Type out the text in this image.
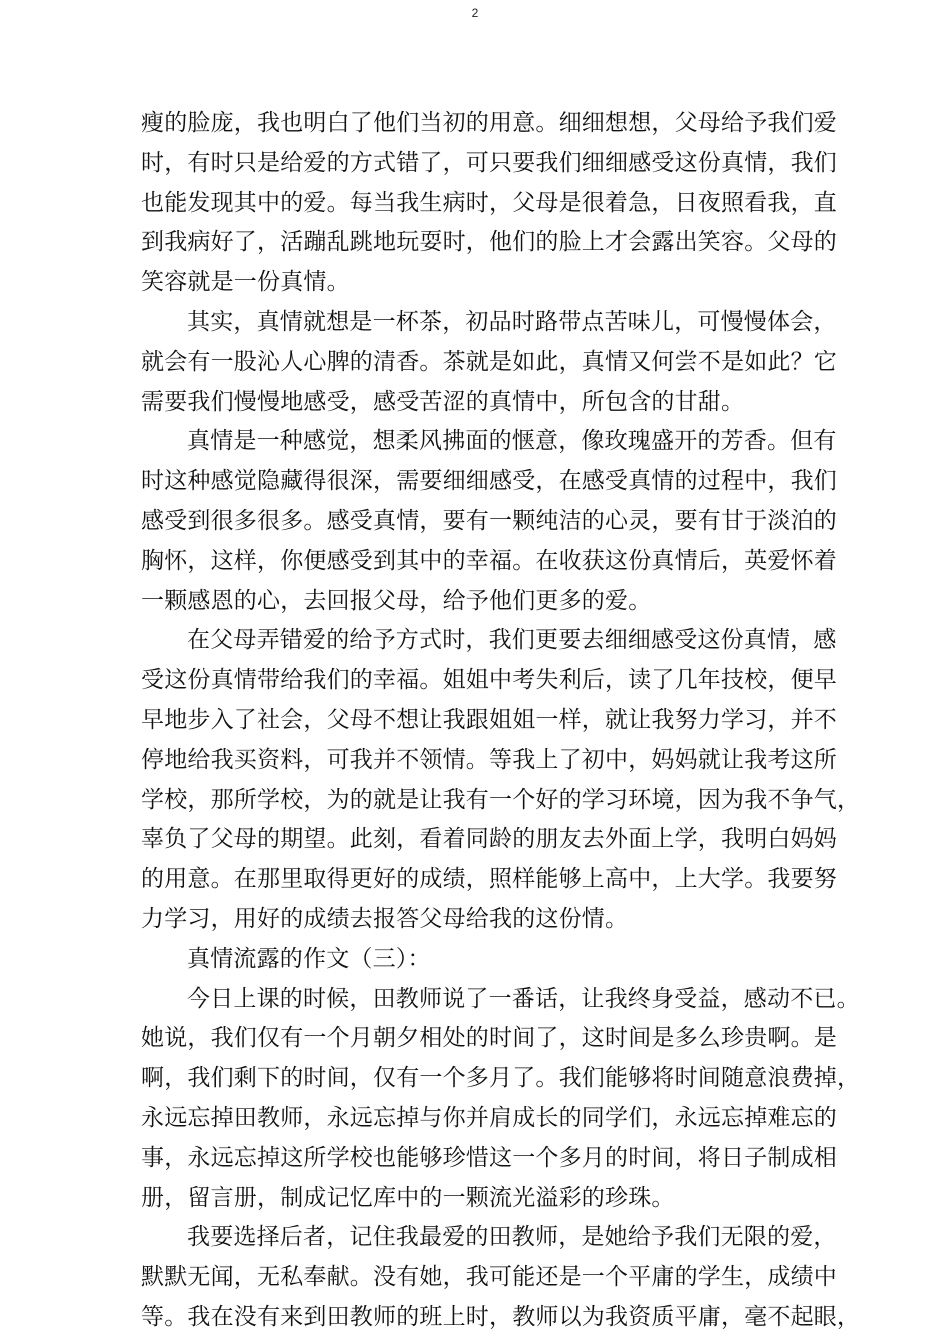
2
瘦的脸庞，我也明白了他们当初的用意。细细想想，父母给予我们爱
时，有时只是给爱的方式错了，可只要我们细细感受这份真情，我们
也能发现其中的爱。每当我生病时，父母是很着急，日夜照看我，直
到我病好了，活蹦乱跳地玩耍时，他们的脸上才会露出笑容。父母的
笑容就是一份真情。
其实，真情就想是一杯茶，初品时路带点苦味儿，可慢慢体会，
就会有一股沁人心脾的清香。茶就是如此，真情又何尝不是如此？它
需要我们慢慢地感受，感受苦涩的真情中，所包含的甘甜。
真情是一种感觉，想柔风拂面的惬意，像玫瑰盛开的芳香。但有
时这种感觉隐藏得很深，需要细细感受，在感受真情的过程中，我们
感受到很多很多。感受真情，要有一颗纯洁的心灵，要有甘于淡泊的
胸怀，这样，你便感受到其中的幸福。在收获这份真情后，英爱怀着
一颗感恩的心，去回报父母，给予他们更多的爱。
在父母弄错爱的给予方式时，我们更要去细细感受这份真情，感
受这份真情带给我们的幸福。姐姐中考失利后，读了几年技校，便早
早地步入了社会，父母不想让我跟姐姐一样，就让我努力学习，并不
停地给我买资料，可我并不领情。等我上了初中，妈妈就让我考这所
学校，那所学校，为的就是让我有一个好的学习环境，因为我不争气，
辜负了父母的期望。此刻，看着同龄的朋友去外面上学，我明白妈妈
的用意。在那里取得更好的成绩，照样能够上高中，上大学。我要努
力学习，用好的成绩去报答父母给我的这份情。
真情流露的作文（三）：
今日上课的时候，田教师说了一番话，让我终身受益，感动不已。
她说，我们仅有一个月朝夕相处的时间了，这时间是多么珍贵啊。是
啊，我们剩下的时间，仅有一个多月了。我们能够将时间随意浪费掉，
永远忘掉田教师，永远忘掉与你并肩成长的同学们，永远忘掉难忘的
事，永远忘掉这所学校也能够珍惜这一个多月的时间，将日子制成相
册，留言册，制成记忆库中的一颗流光溢彩的珍珠。
我要选择后者，记住我最爱的田教师，是她给予我们无限的爱，
默默无闻，无私奉献。没有她，我可能还是一个平庸的学生，成绩中
等。我在没有来到田教师的班上时，教师以为我资质平庸，毫不起眼，
